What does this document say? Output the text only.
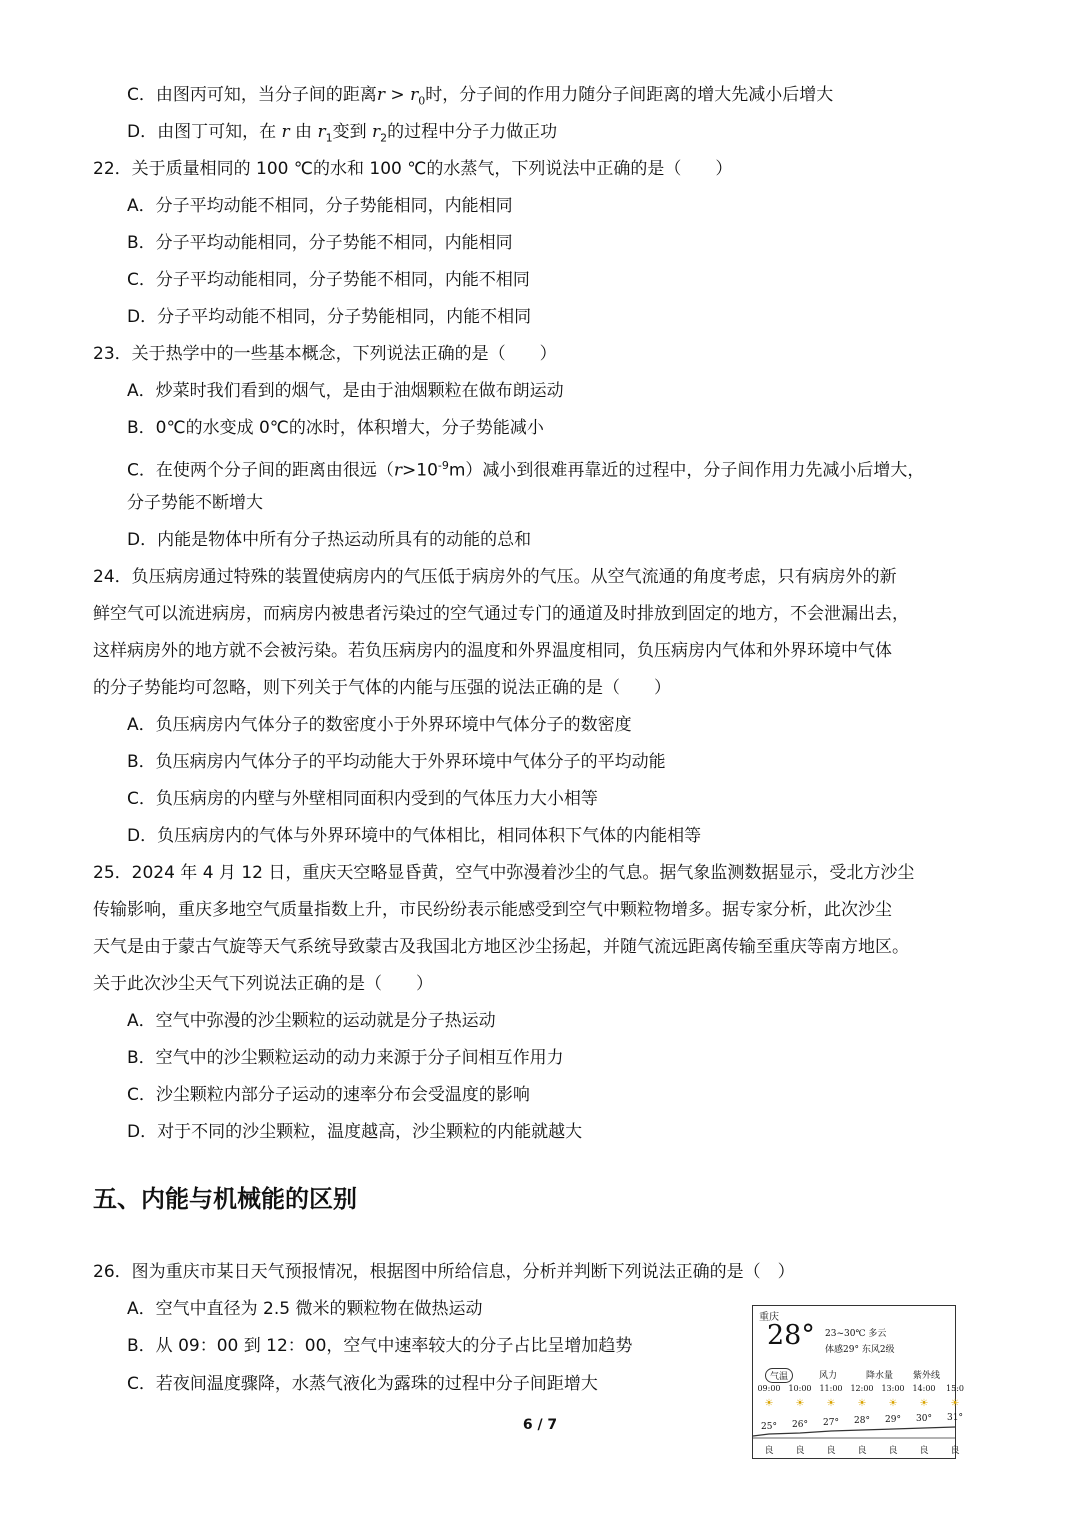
C．由图丙可知，当分子间的距离$r > r_0$时，分子间的作用力随分子间距离的增大先减小后增大
D．由图丁可知，在 r 由 $r_1$变到 $r_2$的过程中分子力做正功
22．关于质量相同的 100 ℃的水和 100 ℃的水蒸气，下列说法中正确的是（　　）
A．分子平均动能不相同，分子势能相同，内能相同
B．分子平均动能相同，分子势能不相同，内能相同
C．分子平均动能相同，分子势能不相同，内能不相同
D．分子平均动能不相同，分子势能相同，内能不相同
23．关于热学中的一些基本概念，下列说法正确的是（　　）
A．炒菜时我们看到的烟气，是由于油烟颗粒在做布朗运动
B．0℃的水变成 0℃的冰时，体积增大，分子势能减小
C．在使两个分子间的距离由很远$(r>10^{-9}m)$减小到很难再靠近的过程中，分子间作用力先减小后增大，
分子势能不断增大
D．内能是物体中所有分子热运动所具有的动能的总和
24．负压病房通过特殊的装置使病房内的气压低于病房外的气压。从空气流通的角度考虑，只有病房外的新
鲜空气可以流进病房，而病房内被患者污染过的空气通过专门的通道及时排放到固定的地方，不会泄漏出去，
这样病房外的地方就不会被污染。若负压病房内的温度和外界温度相同，负压病房内气体和外界环境中气体
的分子势能均可忽略，则下列关于气体的内能与压强的说法正确的是（　　）
A．负压病房内气体分子的数密度小于外界环境中气体分子的数密度
B．负压病房内气体分子的平均动能大于外界环境中气体分子的平均动能
C．负压病房的内壁与外壁相同面积内受到的气体压力大小相等
D．负压病房内的气体与外界环境中的气体相比，相同体积下气体的内能相等
25．2024 年 4 月 12 日，重庆天空略显昏黄，空气中弥漫着沙尘的气息。据气象监测数据显示，受北方沙尘
传输影响，重庆多地空气质量指数上升，市民纷纷表示能感受到空气中颗粒物增多。据专家分析，此次沙尘
天气是由于蒙古气旋等天气系统导致蒙古及我国北方地区沙尘扬起，并随气流远距离传输至重庆等南方地区。
关于此次沙尘天气下列说法正确的是（　　）
A．空气中弥漫的沙尘颗粒的运动就是分子热运动
B．空气中的沙尘颗粒运动的动力来源于分子间相互作用力
C．沙尘颗粒内部分子运动的速率分布会受温度的影响
D．对于不同的沙尘颗粒，温度越高，沙尘颗粒的内能就越大
五、内能与机械能的区别
26．图为重庆市某日天气预报情况，根据图中所给信息，分析并判断下列说法正确的是（　）
A．空气中直径为 2.5 微米的颗粒物在做热运动
B．从 09：00 到 12：00，空气中速率较大的分子占比呈增加趋势
C．若夜间温度骤降，水蒸气液化为露珠的过程中分子间距增大
重庆
28° 23~30℃ 多云
体感29° 东风2级
气温	风力	降水量 紫外线
09:00 10:00 11:00 12:00 13:00 14:00	15:0
☀	☀	☀	☀	☀	☀	☀
25°	26°	27°	28°	29°	30°	31°
良	良	良	良	良	良	良
6 / 7
